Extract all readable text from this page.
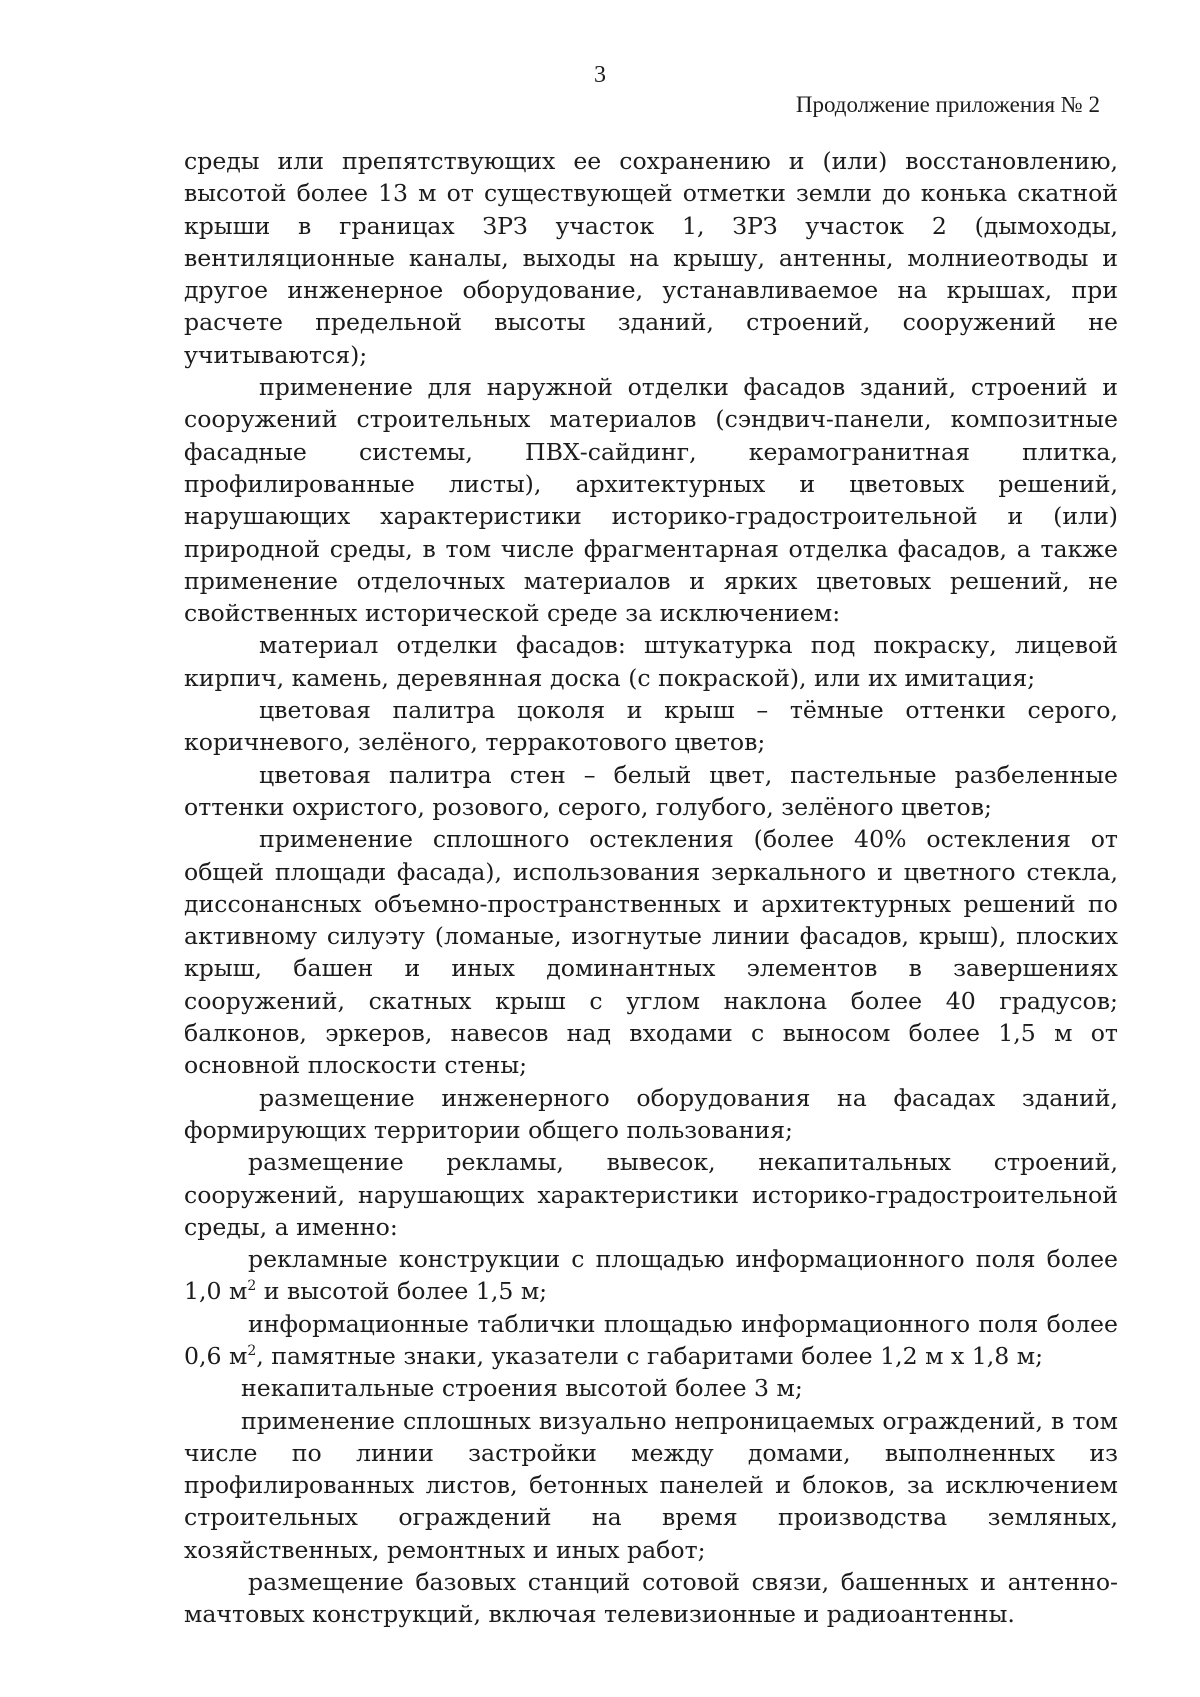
3
Продолжение приложения № 2

среды или препятствующих ее сохранению и (или) восстановлению, высотой более 13 м от существующей отметки земли до конька скатной крыши в границах ЗРЗ участок 1, ЗРЗ участок 2 (дымоходы, вентиляционные каналы, выходы на крышу, антенны, молниеотводы и другое инженерное оборудование, устанавливаемое на крышах, при расчете предельной высоты зданий, строений, сооружений не учитываются);

применение для наружной отделки фасадов зданий, строений и сооружений строительных материалов (сэндвич-панели, композитные фасадные системы, ПВХ-сайдинг, керамогранитная плитка, профилированные листы), архитектурных и цветовых решений, нарушающих характеристики историко-градостроительной и (или) природной среды, в том числе фрагментарная отделка фасадов, а также применение отделочных материалов и ярких цветовых решений, не свойственных исторической среде за исключением:

материал отделки фасадов: штукатурка под покраску, лицевой кирпич, камень, деревянная доска (с покраской), или их имитация;

цветовая палитра цоколя и крыш – тёмные оттенки серого, коричневого, зелёного, терракотового цветов;

цветовая палитра стен – белый цвет, пастельные разбеленные оттенки охристого, розового, серого, голубого, зелёного цветов;

применение сплошного остекления (более 40% остекления от общей площади фасада), использования зеркального и цветного стекла, диссонансных объемно-пространственных и архитектурных решений по активному силуэту (ломаные, изогнутые линии фасадов, крыш), плоских крыш, башен и иных доминантных элементов в завершениях сооружений, скатных крыш с углом наклона более 40 градусов; балконов, эркеров, навесов над входами с выносом более 1,5 м от основной плоскости стены;

размещение инженерного оборудования на фасадах зданий, формирующих территории общего пользования;

размещение рекламы, вывесок, некапитальных строений, сооружений, нарушающих характеристики историко-градостроительной среды, а именно:

рекламные конструкции с площадью информационного поля более 1,0 $м^2$ и высотой более 1,5 м;

информационные таблички площадью информационного поля более 0,6 $м^2$, памятные знаки, указатели с габаритами более 1,2 м х 1,8 м;

некапитальные строения высотой более 3 м;

применение сплошных визуально непроницаемых ограждений, в том числе по линии застройки между домами, выполненных из профилированных листов, бетонных панелей и блоков, за исключением строительных ограждений на время производства земляных, хозяйственных, ремонтных и иных работ;

размещение базовых станций сотовой связи, башенных и антенно-мачтовых конструкций, включая телевизионные и радиоантенны.
